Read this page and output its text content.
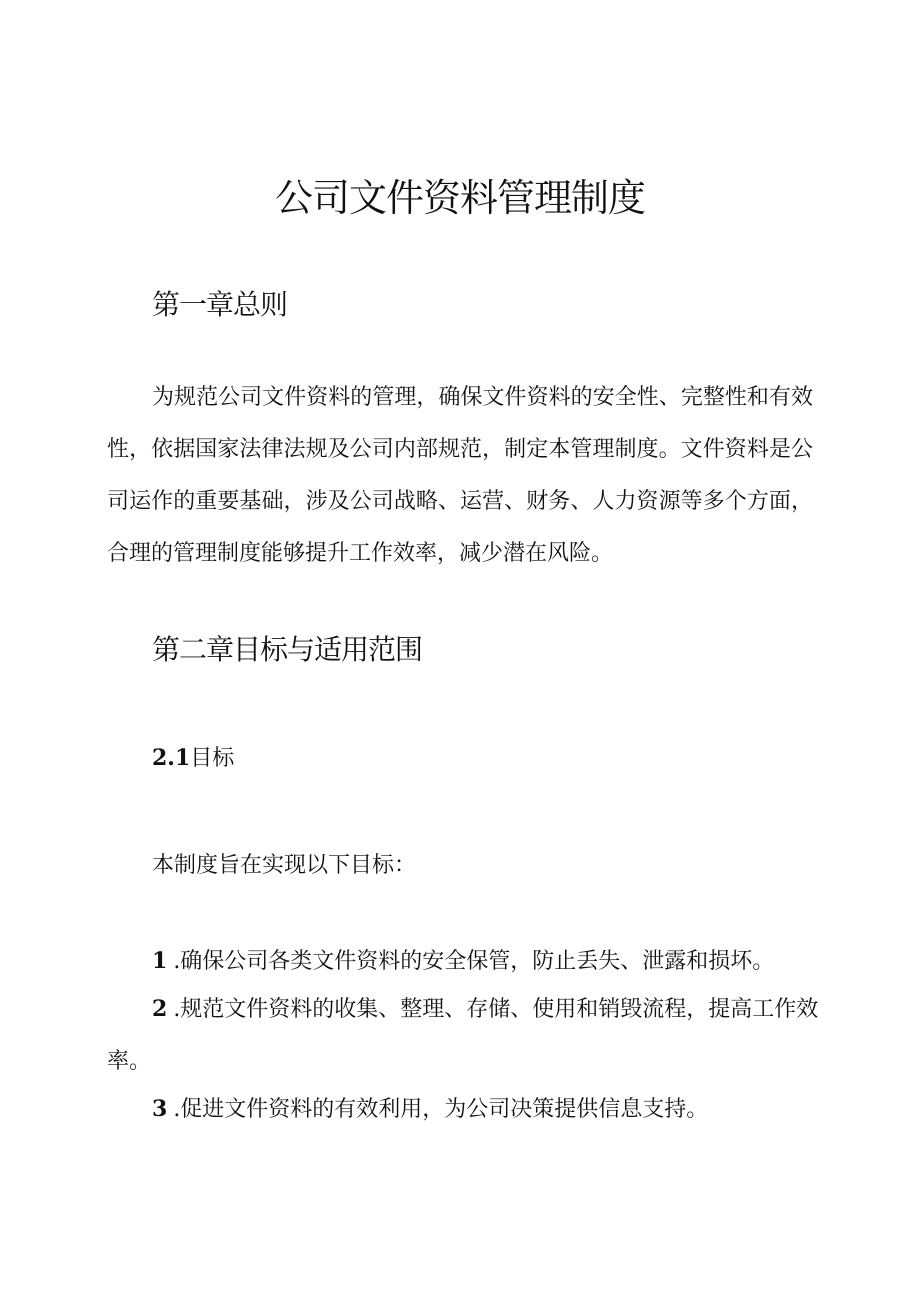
公司文件资料管理制度
第一章总则
为规范公司文件资料的管理，确保文件资料的安全性、完整性和有效性，依据国家法律法规及公司内部规范，制定本管理制度。文件资料是公司运作的重要基础，涉及公司战略、运营、财务、人力资源等多个方面，合理的管理制度能够提升工作效率，减少潜在风险。
第二章目标与适用范围
2.1目标
本制度旨在实现以下目标：
1 .确保公司各类文件资料的安全保管，防止丢失、泄露和损坏。
2 .规范文件资料的收集、整理、存储、使用和销毁流程，提高工作效率。
3 .促进文件资料的有效利用，为公司决策提供信息支持。
